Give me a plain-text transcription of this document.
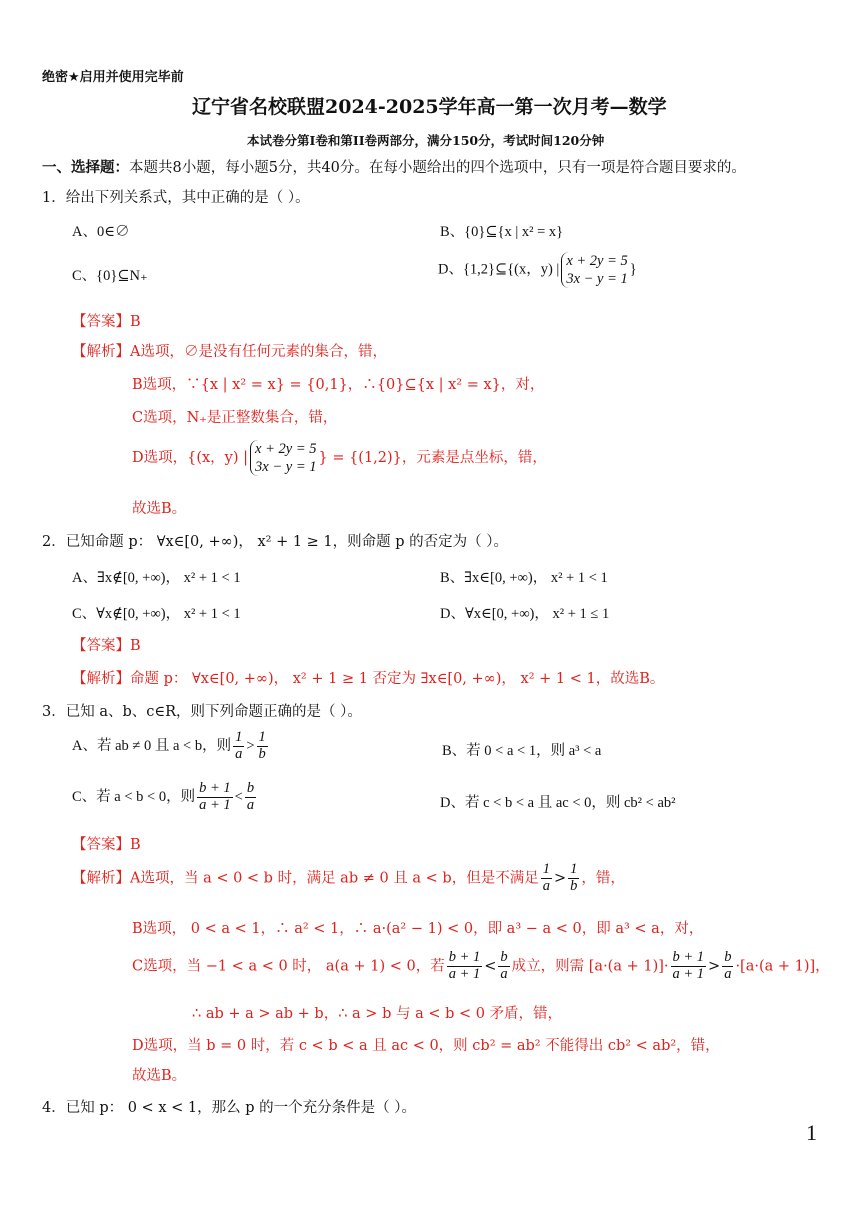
绝密★启用并使用完毕前
辽宁省名校联盟2024-2025学年高一第一次月考—数学
本试卷分第I卷和第II卷两部分，满分150分，考试时间120分钟
一、选择题：本题共8小题，每小题5分，共40分。在每小题给出的四个选项中，只有一项是符合题目要求的。
1．给出下列关系式，其中正确的是（ ）。
A、0∈∅	B、{0}⊆{x | x² = x}
C、{0}⊆N₊	D、{1,2}⊆{(x，y) |
x + 2y = 5
3x − y = 1
}
【答案】B
【解析】A选项，∅是没有任何元素的集合，错，
B选项，∵{x | x² = x} = {0,1}，∴{0}⊆{x | x² = x}，对，
C选项，N₊是正整数集合，错，
D选项，{(x，y) |
x + 2y = 5
3x − y = 1
} = {(1,2)}，元素是点坐标，错，
故选B。
2．已知命题 p： ∀x∈[0, +∞)， x² + 1 ≥ 1，则命题 p 的否定为（ ）。
A、∃x∉[0, +∞)， x² + 1 < 1	B、∃x∈[0, +∞)， x² + 1 < 1
C、∀x∉[0, +∞)， x² + 1 < 1	D、∀x∈[0, +∞)， x² + 1 ≤ 1
【答案】B
【解析】命题 p： ∀x∈[0, +∞)， x² + 1 ≥ 1 否定为 ∃x∈[0, +∞)， x² + 1 < 1，故选B。
3．已知 a、b、c∈R，则下列命题正确的是（ ）。
A、若 ab ≠ 0 且 a < b，则 $\frac{1}{a} > \frac{1}{b}$	B、若 0 < a < 1，则 a³ < a
C、若 a < b < 0，则 $\frac{b + 1}{a + 1} < \frac{b}{a}$	D、若 c < b < a 且 ac < 0，则 cb² < ab²
【答案】B
【解析】A选项，当 a < 0 < b 时，满足 ab ≠ 0 且 a < b，但是不满足 $\frac{1}{a} > \frac{1}{b}$ ，错，
B选项， 0 < a < 1，∴ a² < 1，∴ a·(a² − 1) < 0，即 a³ − a < 0，即 a³ < a，对，
C选项，当 −1 < a < 0 时， a(a + 1) < 0，若 $\frac{b + 1}{a + 1} < \frac{b}{a}$ 成立，则需 $[a\cdot(a + 1)]\cdot \frac{b + 1}{a + 1} > \frac{b}{a} \cdot[a\cdot(a + 1)]$，
∴ ab + a > ab + b，∴ a > b 与 a < b < 0 矛盾，错，
D选项，当 b = 0 时，若 c < b < a 且 ac < 0，则 cb² = ab² 不能得出 cb² < ab²，错，
故选B。
4．已知 p： 0 < x < 1，那么 p 的一个充分条件是（ ）。
1
